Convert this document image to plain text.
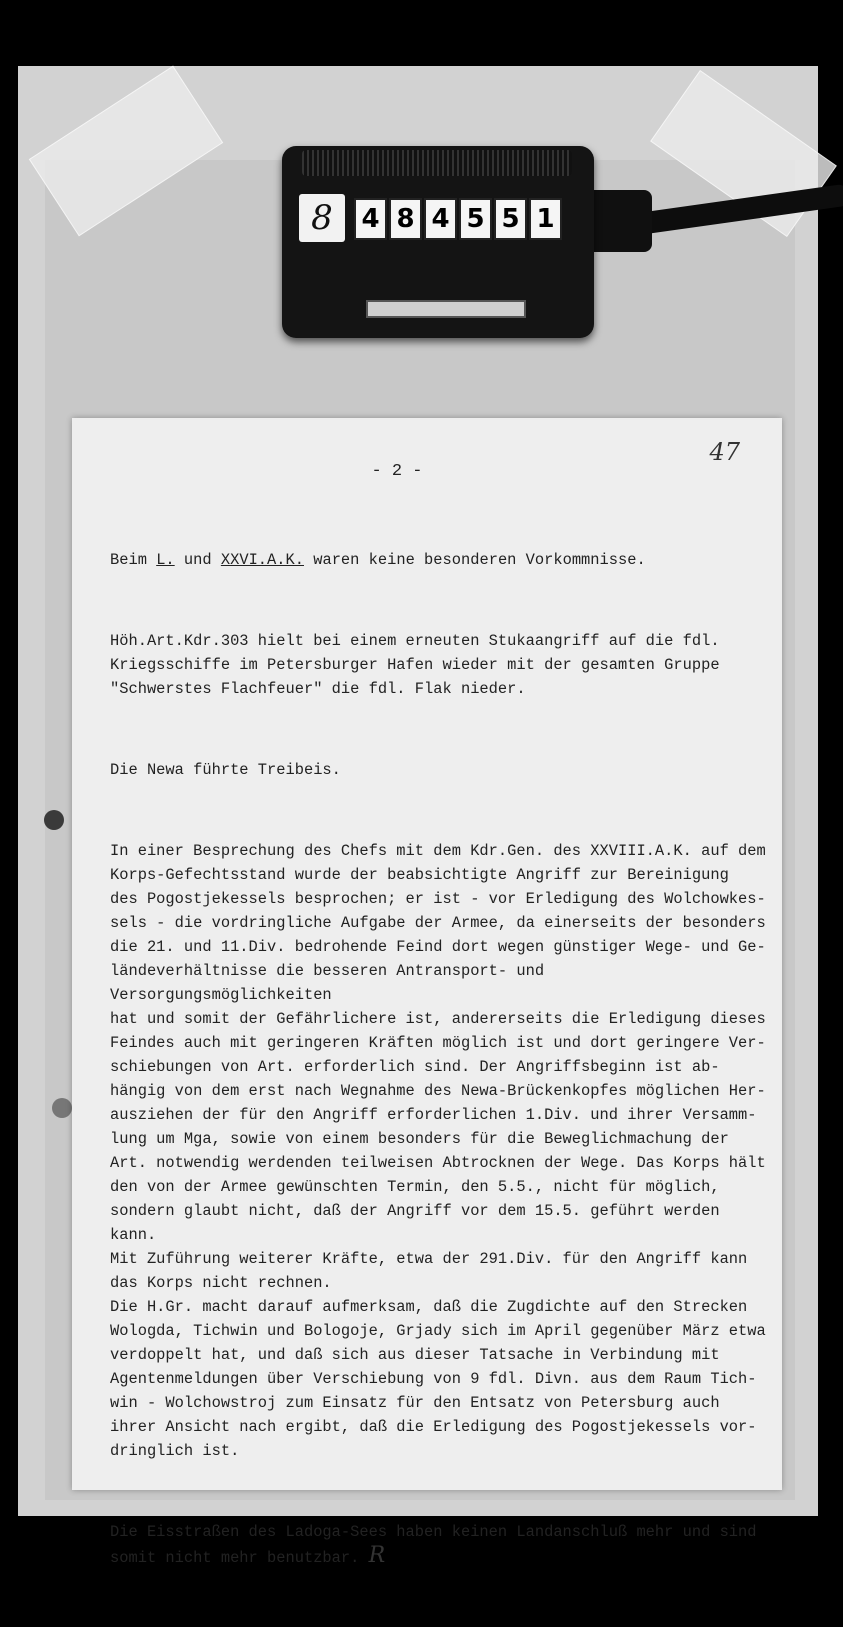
8	4 8 4 5 5 1
47
- 2 -

Beim L. und XXVI.A.K. waren keine besonderen Vorkommnisse.

Höh.Art.Kdr.303 hielt bei einem erneuten Stukaangriff auf die fdl.
Kriegsschiffe im Petersburger Hafen wieder mit der gesamten Gruppe
"Schwerstes Flachfeuer" die fdl. Flak nieder.

Die Newa führte Treibeis.

In einer Besprechung des Chefs mit dem Kdr.Gen. des XXVIII.A.K. auf dem
Korps-Gefechtsstand wurde der beabsichtigte Angriff zur Bereinigung
des Pogostjekessels besprochen; er ist - vor Erledigung des Wolchowkes-
sels - die vordringliche Aufgabe der Armee, da einerseits der besonders
die 21. und 11.Div. bedrohende Feind dort wegen günstiger Wege- und Ge-
ländeverhältnisse die besseren Antransport- und Versorgungsmöglichkeiten
hat und somit der Gefährlichere ist, andererseits die Erledigung dieses
Feindes auch mit geringeren Kräften möglich ist und dort geringere Ver-
schiebungen von Art. erforderlich sind. Der Angriffsbeginn ist ab-
hängig von dem erst nach Wegnahme des Newa-Brückenkopfes möglichen Her-
ausziehen der für den Angriff erforderlichen 1.Div. und ihrer Versamm-
lung um Mga, sowie von einem besonders für die Beweglichmachung der
Art. notwendig werdenden teilweisen Abtrocknen der Wege. Das Korps hält
den von der Armee gewünschten Termin, den 5.5., nicht für möglich,
sondern glaubt nicht, daß der Angriff vor dem 15.5. geführt werden kann.
Mit Zuführung weiterer Kräfte, etwa der 291.Div. für den Angriff kann
das Korps nicht rechnen.
Die H.Gr. macht darauf aufmerksam, daß die Zugdichte auf den Strecken
Wologda, Tichwin und Bologoje, Grjady sich im April gegenüber März etwa
verdoppelt hat, und daß sich aus dieser Tatsache in Verbindung mit
Agentenmeldungen über Verschiebung von 9 fdl. Divn. aus dem Raum Tich-
win - Wolchowstroj zum Einsatz für den Entsatz von Petersburg auch
ihrer Ansicht nach ergibt, daß die Erledigung des Pogostjekessels vor-
dringlich ist.

Die Eisstraßen des Ladoga-Sees haben keinen Landanschluß mehr und sind
somit nicht mehr benutzbar. R
